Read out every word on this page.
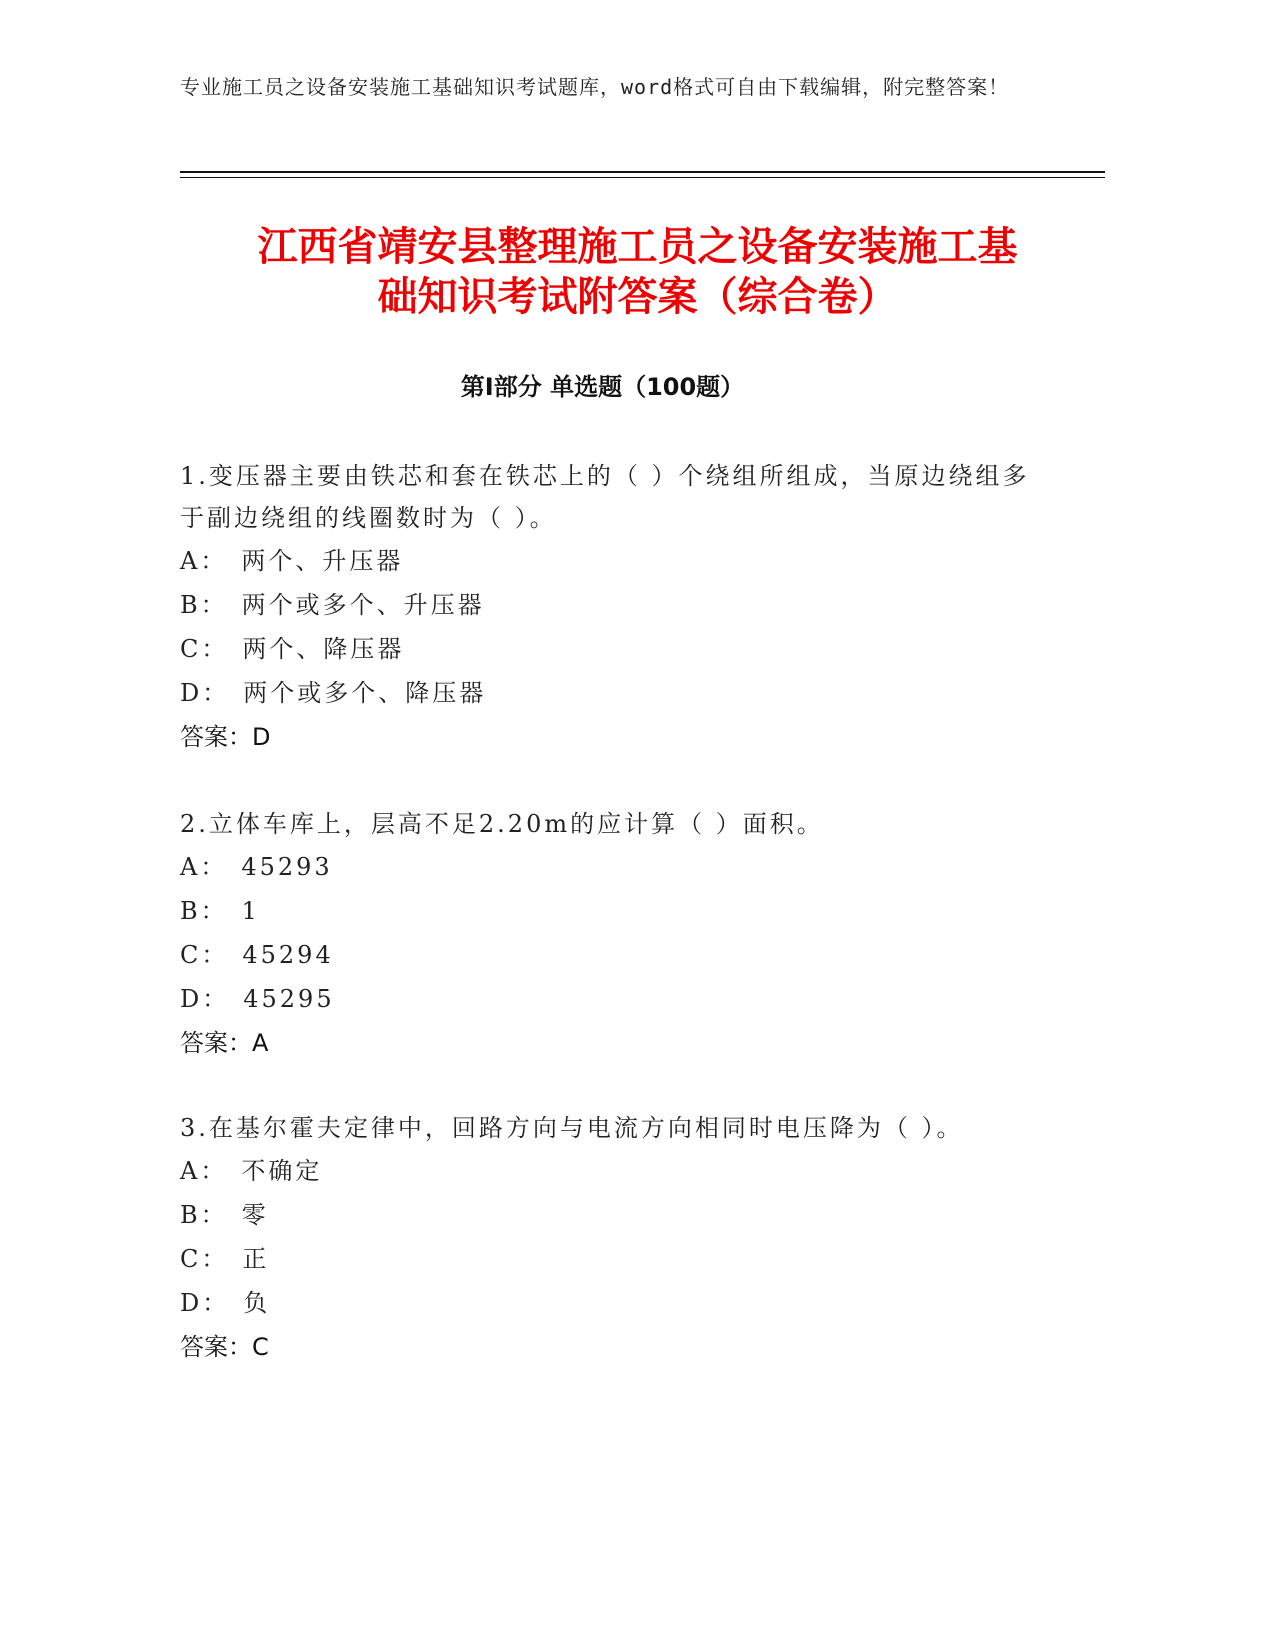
专业施工员之设备安装施工基础知识考试题库，word格式可自由下载编辑，附完整答案！
江西省靖安县整理施工员之设备安装施工基
础知识考试附答案（综合卷）
第Ⅰ部分 单选题（100题）
1.变压器主要由铁芯和套在铁芯上的（ ）个绕组所组成，当原边绕组多于副边绕组的线圈数时为（ ）。
A： 两个、升压器
B： 两个或多个、升压器
C： 两个、降压器
D： 两个或多个、降压器
答案：D
2.立体车库上，层高不足2.20m的应计算（ ）面积。
A： 45293
B： 1
C： 45294
D： 45295
答案：A
3.在基尔霍夫定律中，回路方向与电流方向相同时电压降为（ ）。
A： 不确定
B： 零
C： 正
D： 负
答案：C
